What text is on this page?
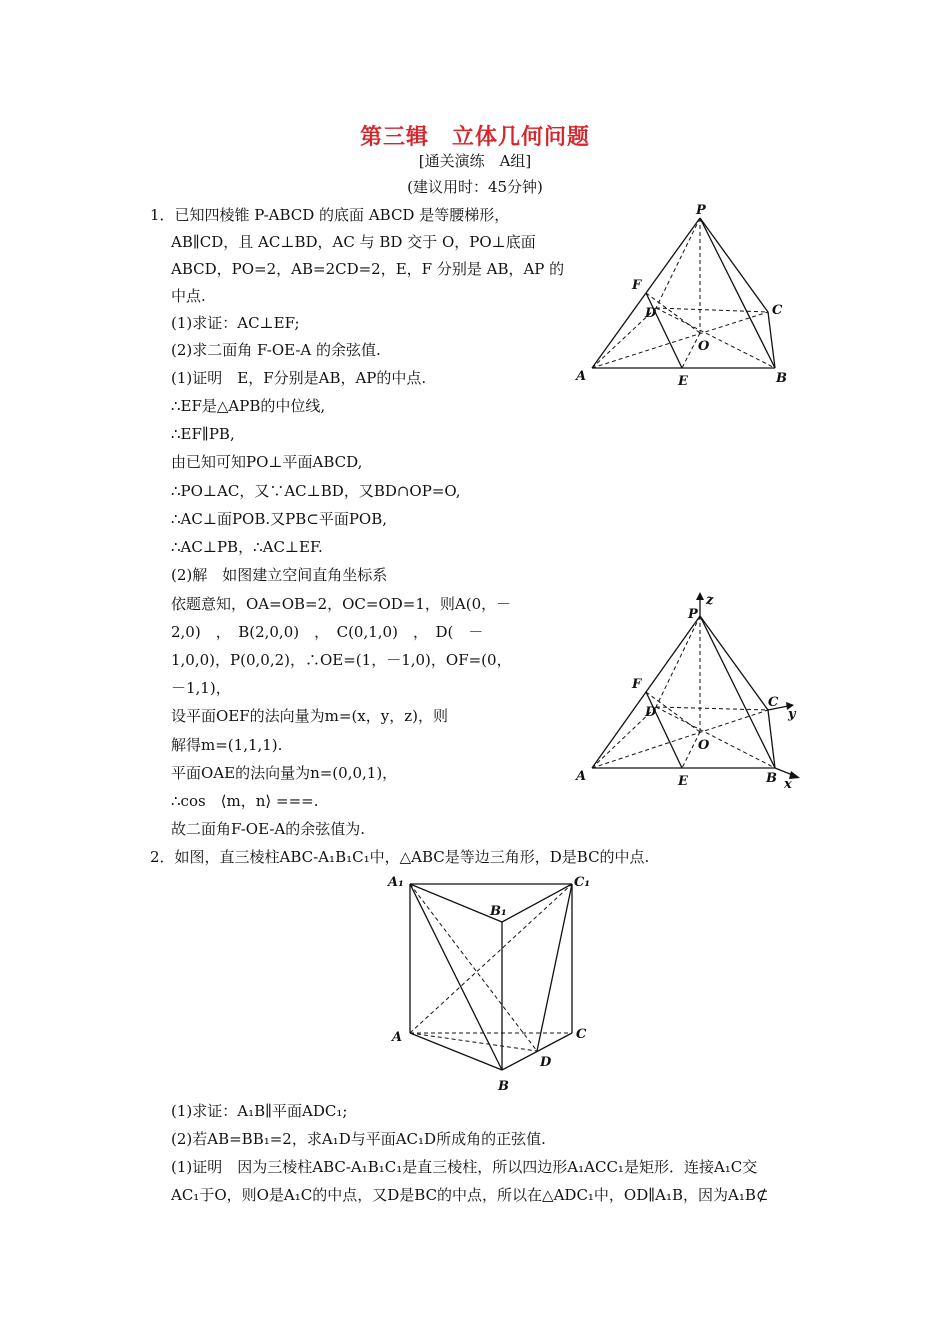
第三辑　立体几何问题
[通关演练　A组]
(建议用时：45分钟)
1．已知四棱锥 P-ABCD 的底面 ABCD 是等腰梯形，
AB∥CD，且 AC⊥BD，AC 与 BD 交于 O，PO⊥底面
ABCD，PO=2，AB=2CD=2，E，F 分别是 AB，AP 的
中点.
(1)求证：AC⊥EF;
(2)求二面角 F-OE-A 的余弦值.
(1)证明　E，F分别是AB，AP的中点.
∴EF是△APB的中位线,
∴EF∥PB,
由已知可知PO⊥平面ABCD,
∴PO⊥AC，又∵AC⊥BD，又BD∩OP=O,
∴AC⊥面POB.又PB⊂平面POB,
∴AC⊥PB，∴AC⊥EF.
(2)解　如图建立空间直角坐标系
依题意知，OA=OB=2，OC=OD=1，则A(0，－
2,0)　，　B(2,0,0)　，　C(0,1,0)　，　D(　－
1,0,0)，P(0,0,2)，∴OE=(1，－1,0)，OF=(0，
－1,1)，
设平面OEF的法向量为m=(x，y，z)，则
解得m=(1,1,1).
平面OAE的法向量为n=(0,0,1)，
∴cos　⟨m，n⟩ ===.
故二面角F-OE-A的余弦值为.
P
F
D	C
O
A	E	B
P
z
F
D
C
y
O
A	E	B x
2．如图，直三棱柱ABC-A₁B₁C₁中，△ABC是等边三角形，D是BC的中点.
A₁	C₁
B₁
A	C
D
B
(1)求证：A₁B∥平面ADC₁;
(2)若AB=BB₁=2，求A₁D与平面AC₁D所成角的正弦值.
(1)证明　因为三棱柱ABC-A₁B₁C₁是直三棱柱，所以四边形A₁ACC₁是矩形．连接A₁C交
AC₁于O，则O是A₁C的中点，又D是BC的中点，所以在△ADC₁中，OD∥A₁B，因为A₁B⊄
